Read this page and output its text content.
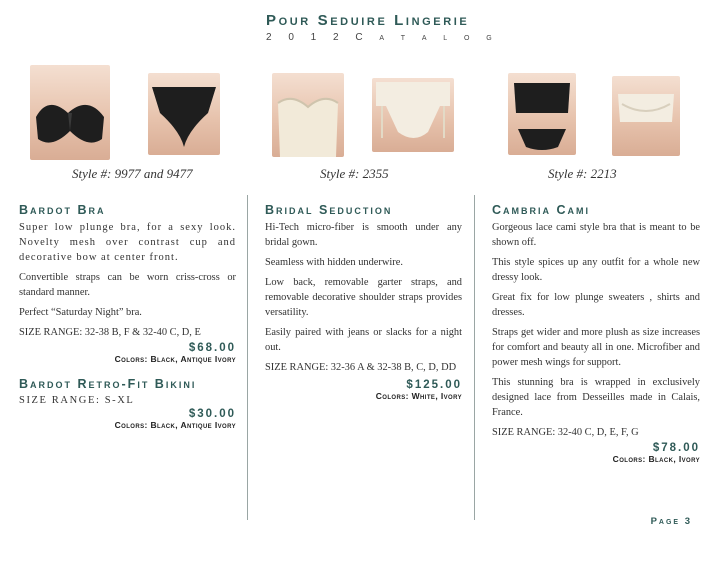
Pour Seduire Lingerie
2 0 1 2 C a t a l o g
Style #: 9977 and 9477	Style #: 2355	Style #: 2213
Bardot Bra
Super low plunge bra, for a sexy look. Novelty mesh over contrast cup and decorative bow at center front.
Convertible straps can be worn criss-cross or standard manner.
Perfect “Saturday Night” bra.
SIZE RANGE: 32-38 B, F & 32-40 C, D, E
$68.00
Colors: Black, Antique Ivory
Bardot Retro-Fit Bikini
SIZE RANGE: S-XL
$30.00
Colors: Black, Antique Ivory
Bridal Seduction
Hi-Tech micro-fiber is smooth under any bridal gown.
Seamless with hidden underwire.
Low back, removable garter straps, and removable decorative shoulder straps provides versatility.
Easily paired with jeans or slacks for a night out.
SIZE RANGE: 32-36 A & 32-38 B, C, D, DD
$125.00
Colors: White, Ivory
Cambria Cami
Gorgeous lace cami style bra that is meant to be shown off.
This style spices up any outfit for a whole new dressy look.
Great fix for low plunge sweaters , shirts and dresses.
Straps get wider and more plush as size increases for comfort and beauty all in one. Microfiber and power mesh wings for support.
This stunning bra is wrapped in exclusively designed lace from Desseilles made in Calais, France.
SIZE RANGE: 32-40 C, D, E, F, G
$78.00
Colors: Black, Ivory
Page 3
